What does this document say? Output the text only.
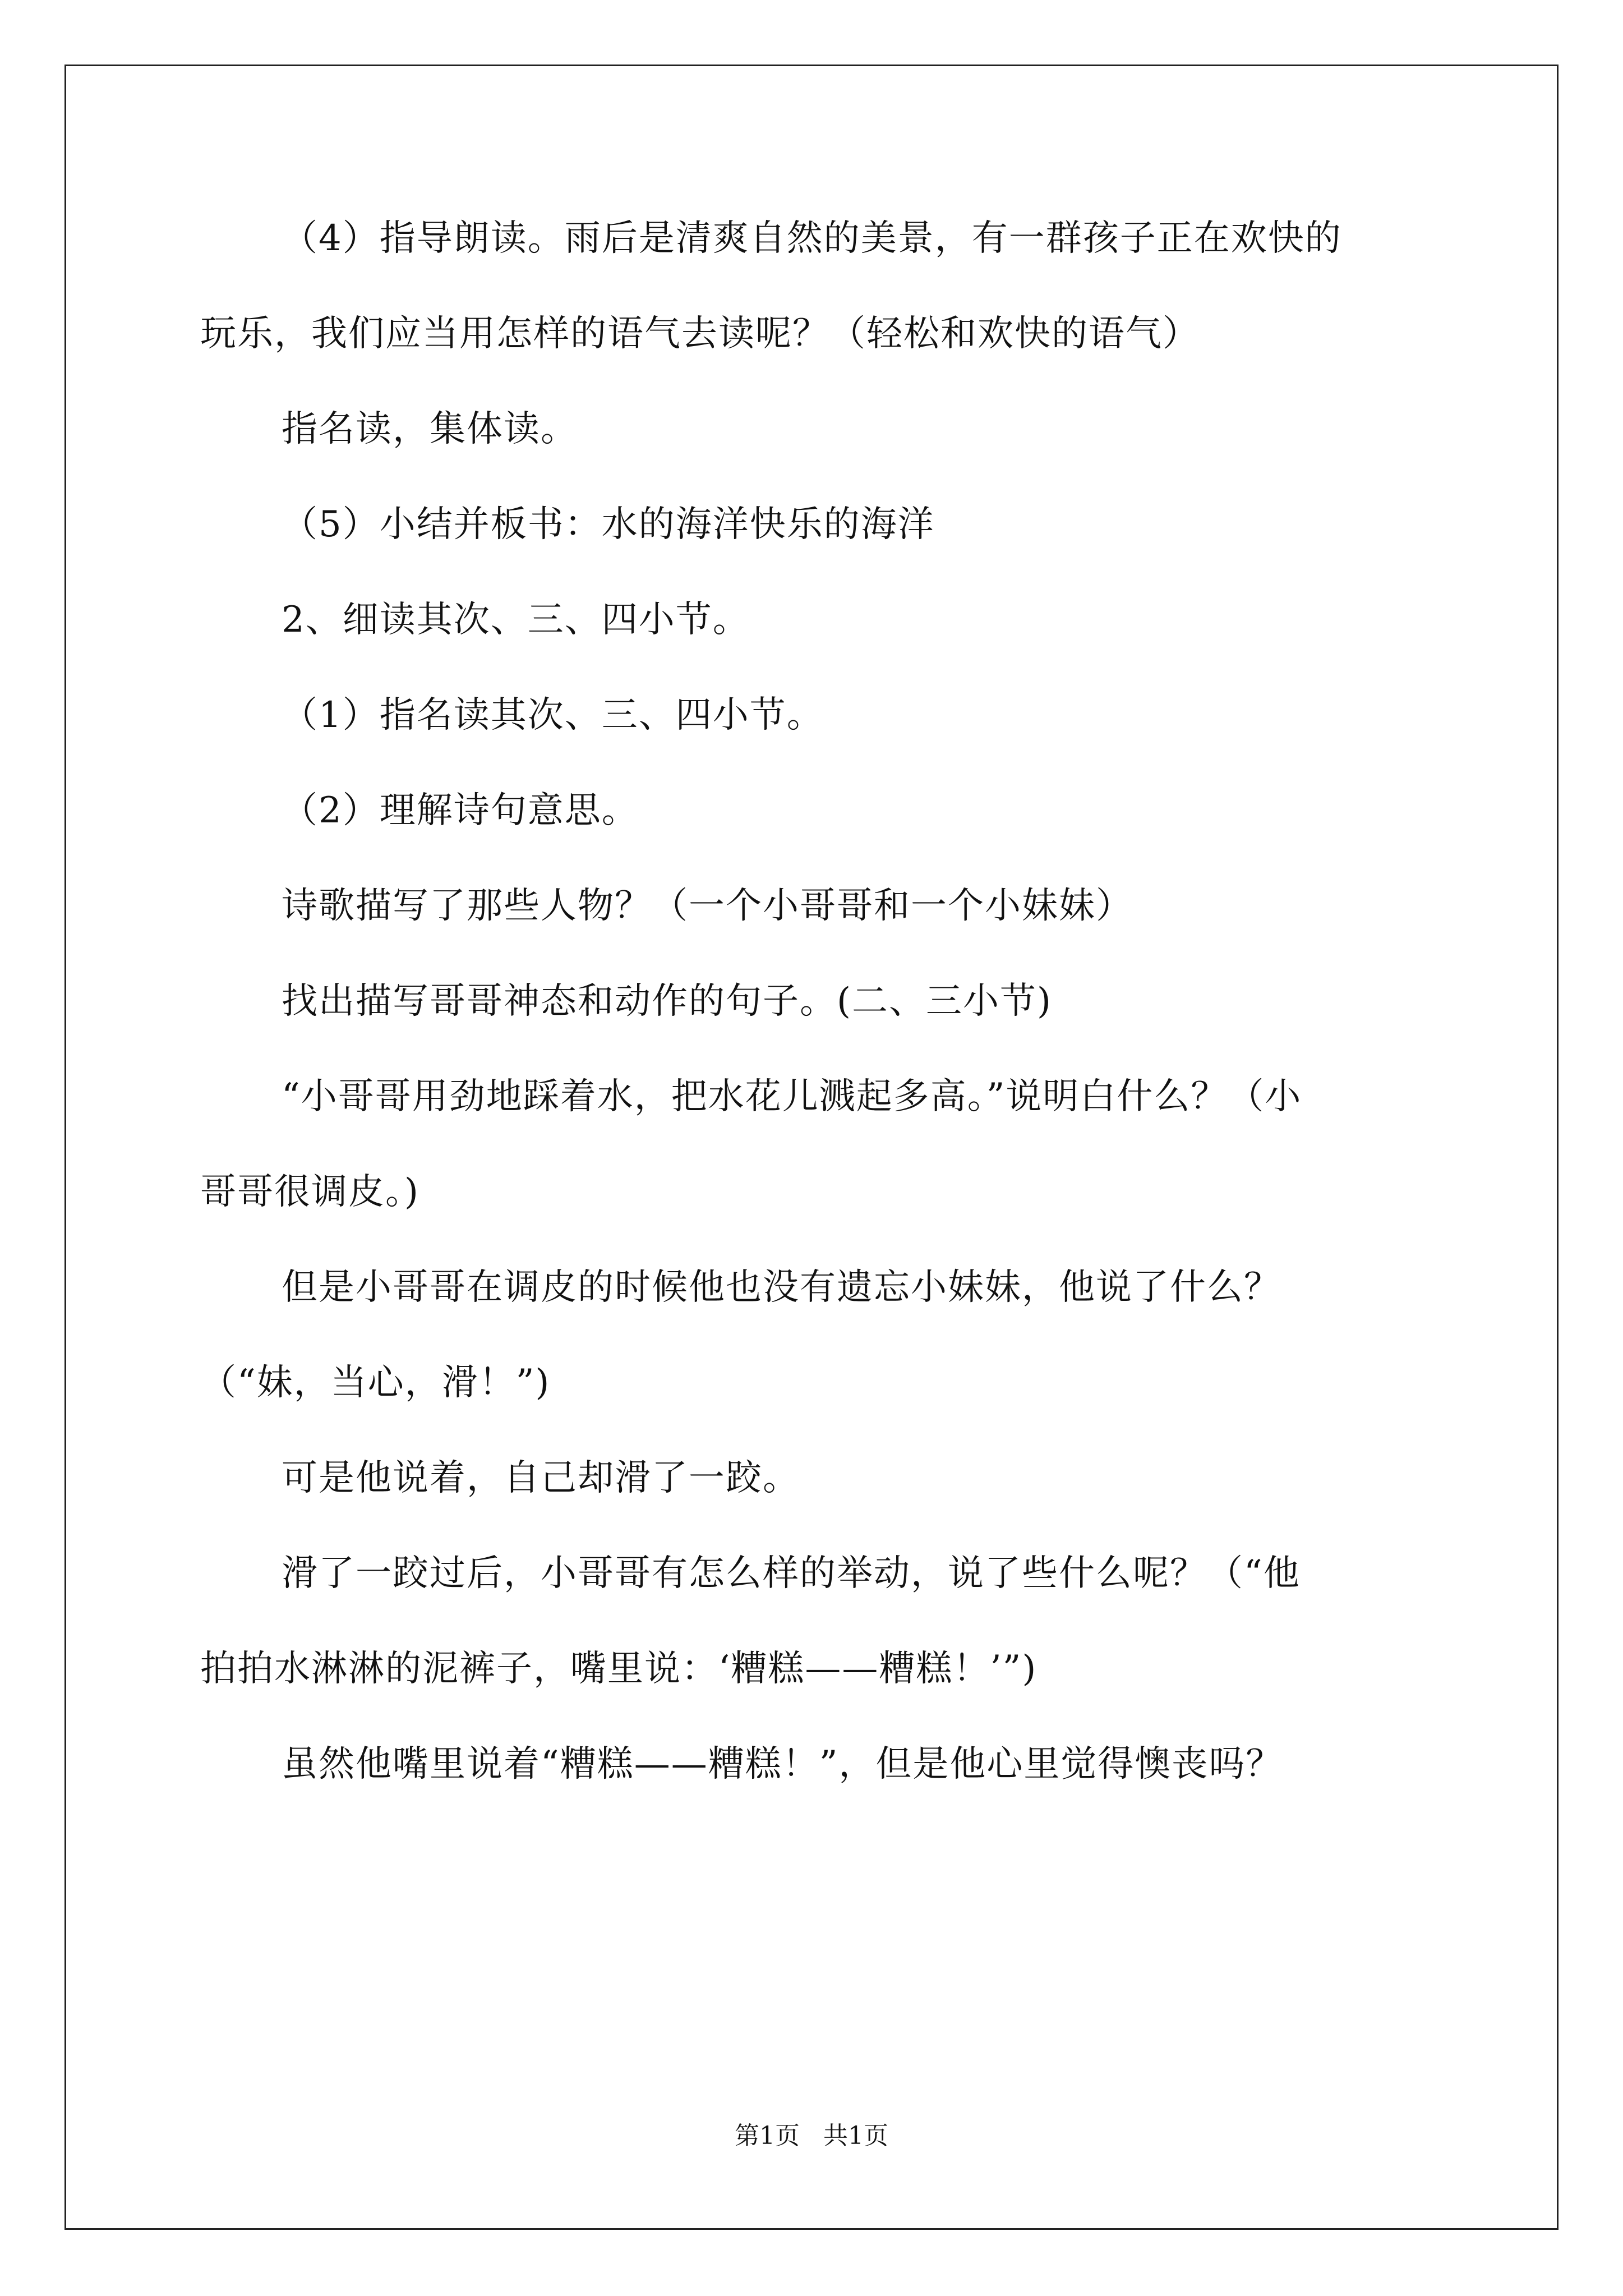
（4）指导朗读。雨后是清爽自然的美景，有一群孩子正在欢快的
玩乐，我们应当用怎样的语气去读呢？（轻松和欢快的语气）
指名读，集体读。
（5）小结并板书：水的海洋快乐的海洋
2、细读其次、三、四小节。
（1）指名读其次、三、四小节。
（2）理解诗句意思。
诗歌描写了那些人物？（一个小哥哥和一个小妹妹）
找出描写哥哥神态和动作的句子。(二、三小节)
“小哥哥用劲地踩着水，把水花儿溅起多高。”说明白什么？（小
哥哥很调皮。)
但是小哥哥在调皮的时候他也没有遗忘小妹妹，他说了什么？
（“妹，当心，滑！”)
可是他说着，自己却滑了一跤。
滑了一跤过后，小哥哥有怎么样的举动，说了些什么呢？（“他
拍拍水淋淋的泥裤子，嘴里说：‘糟糕——糟糕！’”)
虽然他嘴里说着“糟糕——糟糕！”，但是他心里觉得懊丧吗？
第1页 共1页
